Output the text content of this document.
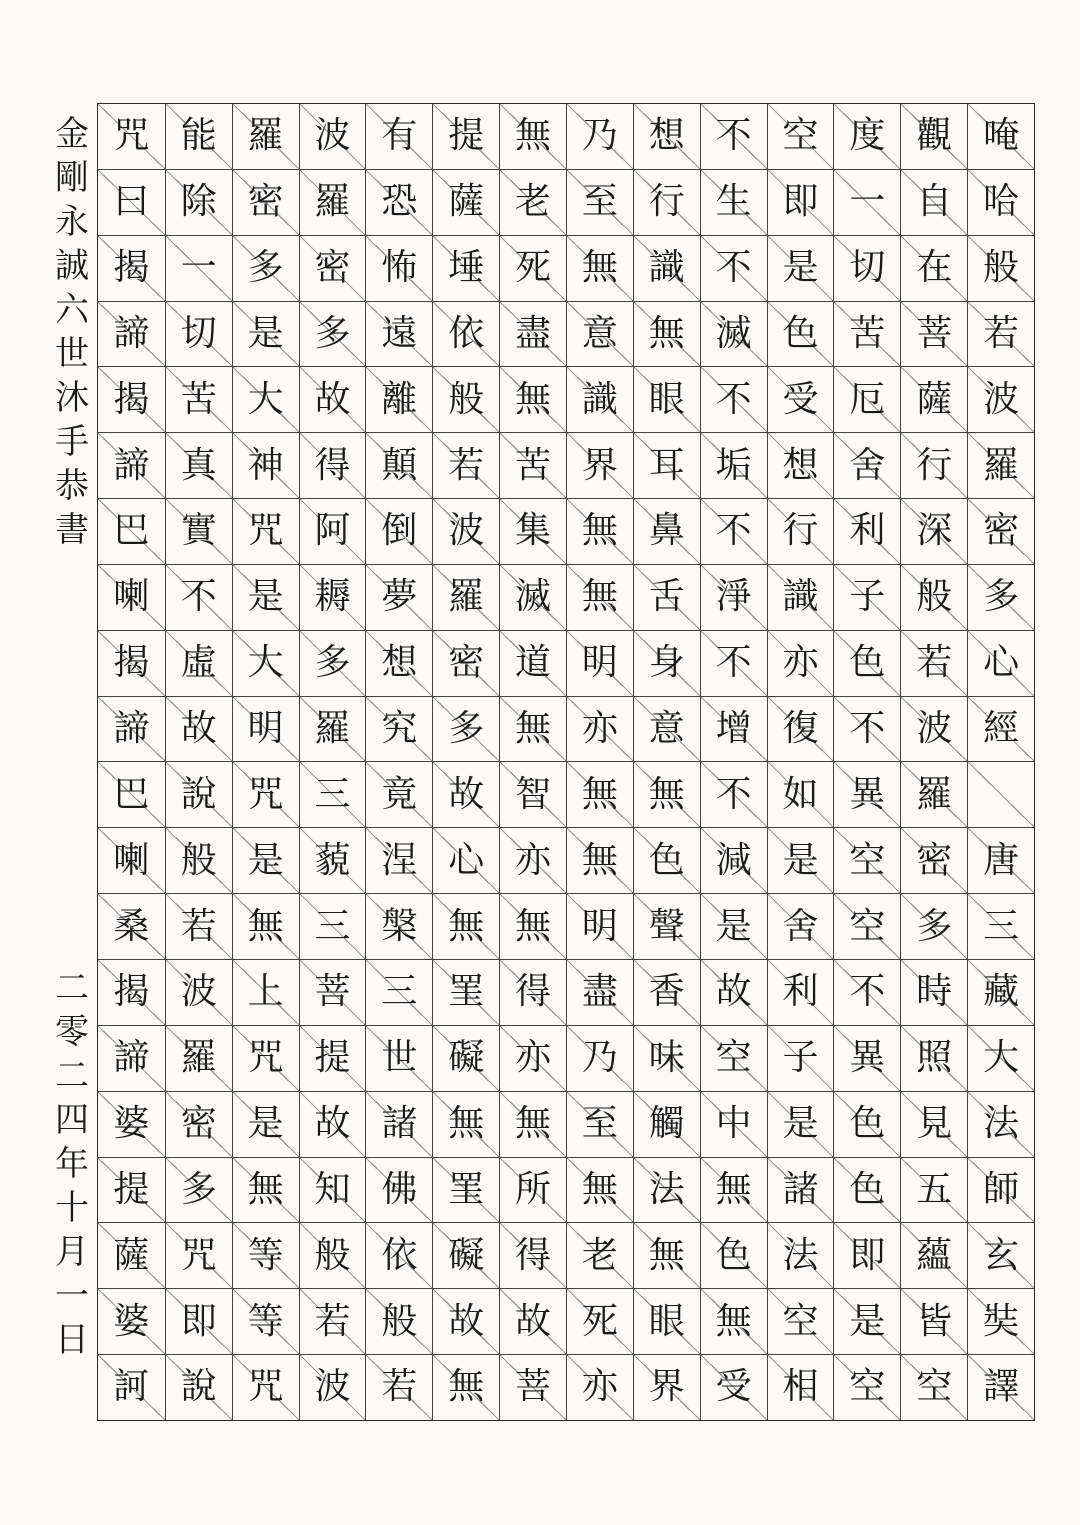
唵
哈
般
若
波
羅
密
多
心
經
唐
三
藏
大
法
師
玄
奘
譯
觀
自
在
菩
薩
行
深
般
若
波
羅
密
多
時
照
見
五
蘊
皆
空
度
一
切
苦
厄
舍
利
子
色
不
異
空
空
不
異
色
色
即
是
空
空
即
是
色
受
想
行
識
亦
復
如
是
舍
利
子
是
諸
法
空
相
不
生
不
滅
不
垢
不
淨
不
增
不
減
是
故
空
中
無
色
無
受
想
行
識
無
眼
耳
鼻
舌
身
意
無
色
聲
香
味
觸
法
無
眼
界
乃
至
無
意
識
界
無
無
明
亦
無
無
明
盡
乃
至
無
老
死
亦
無
老
死
盡
無
苦
集
滅
道
無
智
亦
無
得
亦
無
所
得
故
菩
提
薩
埵
依
般
若
波
羅
密
多
故
心
無
罣
礙
無
罣
礙
故
無
有
恐
怖
遠
離
顛
倒
夢
想
究
竟
涅
槃
三
世
諸
佛
依
般
若
波
羅
密
多
故
得
阿
耨
多
羅
三
藐
三
菩
提
故
知
般
若
波
羅
密
多
是
大
神
咒
是
大
明
咒
是
無
上
咒
是
無
等
等
咒
能
除
一
切
苦
真
實
不
虛
故
說
般
若
波
羅
密
多
咒
即
說
咒
曰
揭
諦
揭
諦
巴
喇
揭
諦
巴
喇
桑
揭
諦
婆
提
薩
婆
訶
金
剛
永
誠
六
世
沐
手
恭
書
二
零
二
四
年
十
月
一
日
